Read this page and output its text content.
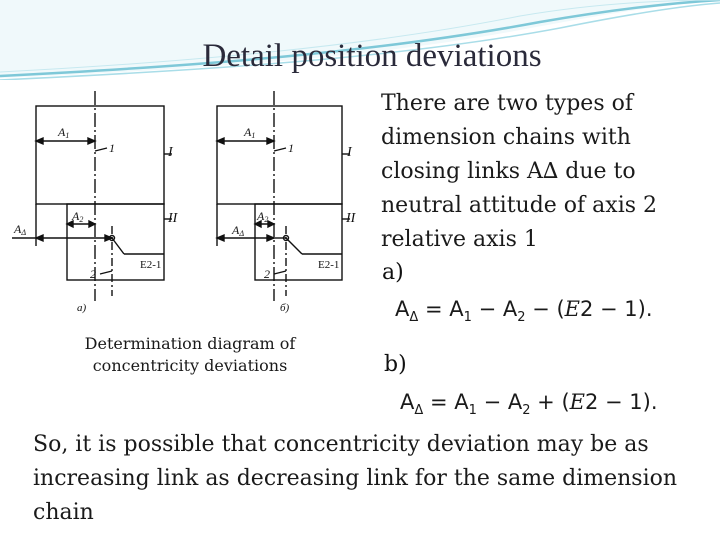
Detail position deviations
A1
A2
AΔ
1
2
I
II
E2-1
a)
A1
A2
AΔ
1
2
I
II
E2-1
б)
Determination diagram of concentricity deviations
There are two types of dimension chains with closing links A∆ due to neutral attitude of axis 2 relative axis 1
a)
$A_\Delta = A_1 - A_2 - (E2 - 1)$.
b)
$A_\Delta = A_1 - A_2 + (E2 - 1)$.
So, it is possible that concentricity deviation may be as increasing link as decreasing link for the same dimension chain
